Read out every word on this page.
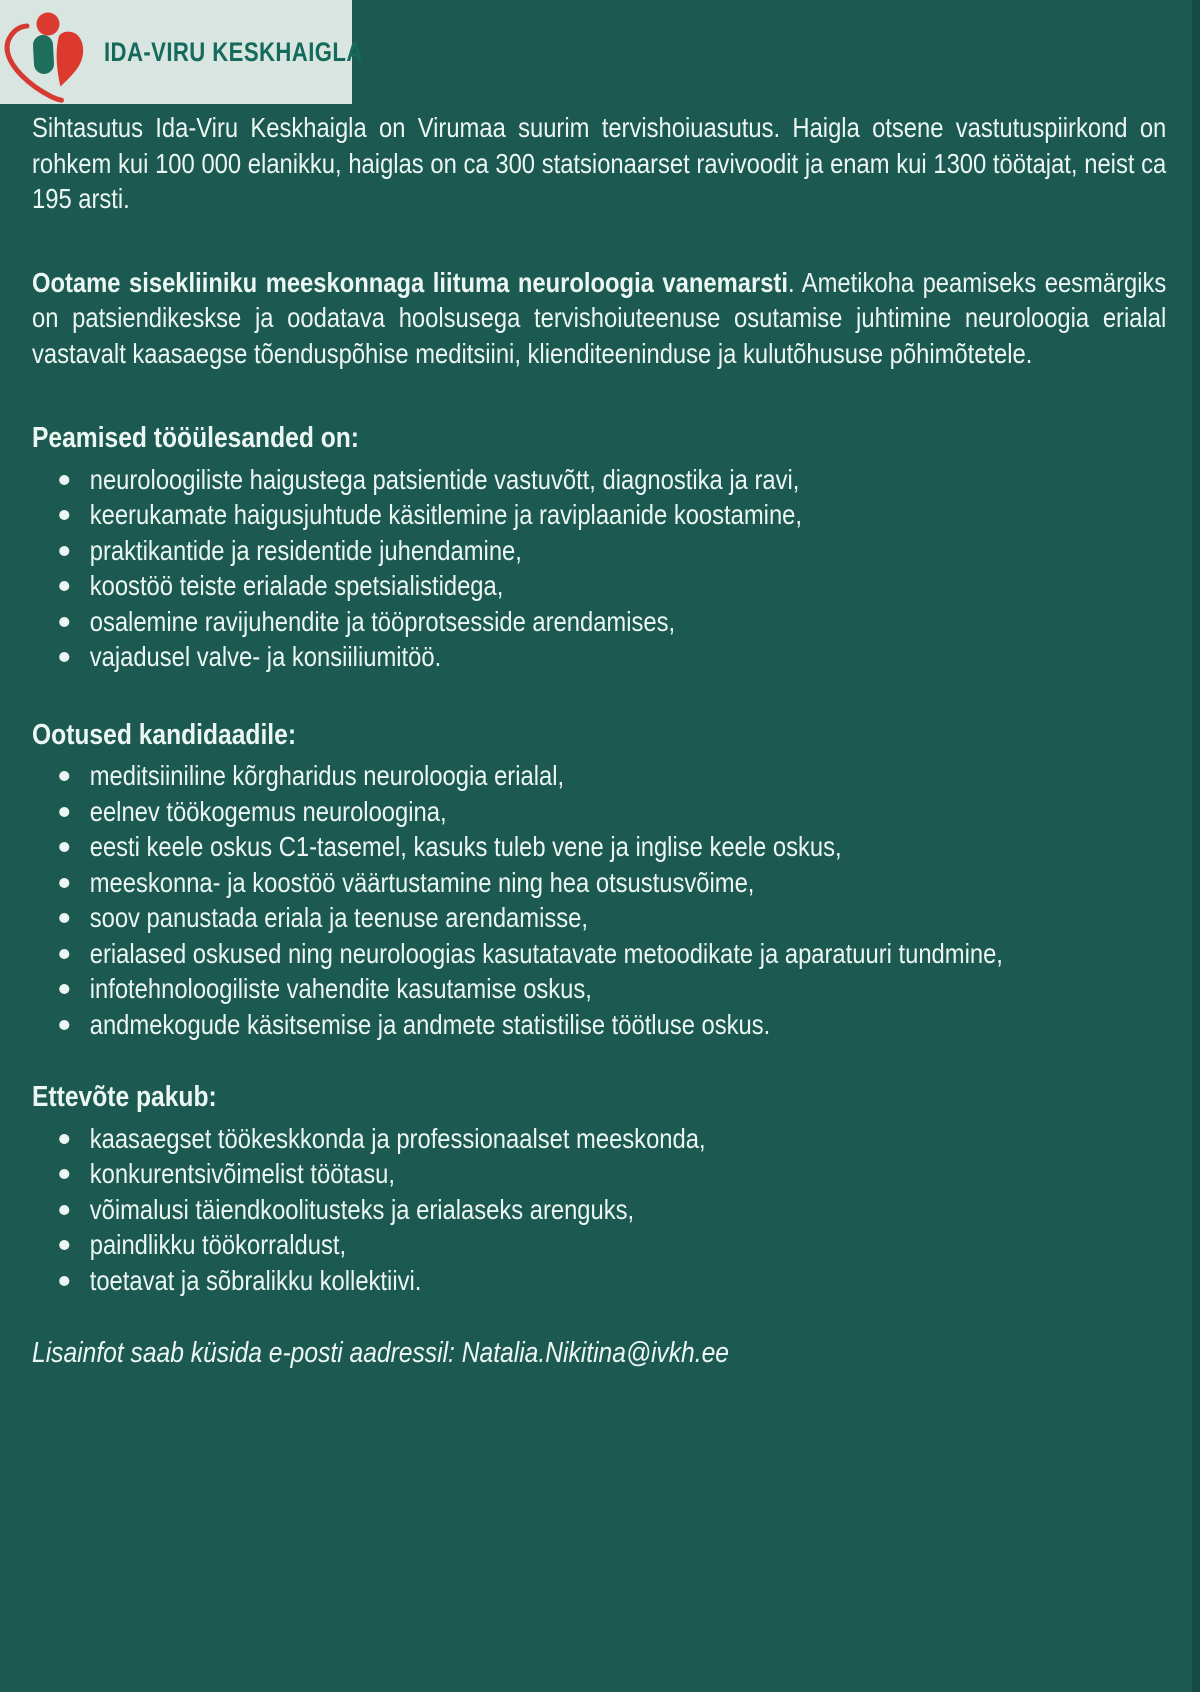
IDA-VIRU KESKHAIGLA

Sihtasutus Ida-Viru Keskhaigla on Virumaa suurim tervishoiuasutus. Haigla otsene vastutuspiirkond on rohkem kui 100 000 elanikku, haiglas on ca 300 statsionaarset ravivoodit ja enam kui 1300 töötajat, neist ca 195 arsti.

Ootame sisekliiniku meeskonnaga liituma neuroloogia vanemarsti. Ametikoha peamiseks eesmärgiks on patsiendikeskse ja oodatava hoolsusega tervishoiuteenuse osutamise juhtimine neuroloogia erialal vastavalt kaasaegse tõenduspõhise meditsiini, klienditeeninduse ja kulutõhususe põhimõtetele.

Peamised tööülesanded on:
neuroloogiliste haigustega patsientide vastuvõtt, diagnostika ja ravi,
keerukamate haigusjuhtude käsitlemine ja raviplaanide koostamine,
praktikantide ja residentide juhendamine,
koostöö teiste erialade spetsialistidega,
osalemine ravijuhendite ja tööprotsesside arendamises,
vajadusel valve- ja konsiiliumitöö.
Ootused kandidaadile:
meditsiiniline kõrgharidus neuroloogia erialal,
eelnev töökogemus neuroloogina,
eesti keele oskus C1-tasemel, kasuks tuleb vene ja inglise keele oskus,
meeskonna- ja koostöö väärtustamine ning hea otsustusvõime,
soov panustada eriala ja teenuse arendamisse,
erialased oskused ning neuroloogias kasutatavate metoodikate ja aparatuuri tundmine,
infotehnoloogiliste vahendite kasutamise oskus,
andmekogude käsitsemise ja andmete statistilise töötluse oskus.
Ettevõte pakub:
kaasaegset töökeskkonda ja professionaalset meeskonda,
konkurentsivõimelist töötasu,
võimalusi täiendkoolitusteks ja erialaseks arenguks,
paindlikku töökorraldust,
toetavat ja sõbralikku kollektiivi.

Lisainfot saab küsida e-posti aadressil: Natalia.Nikitina@ivkh.ee
